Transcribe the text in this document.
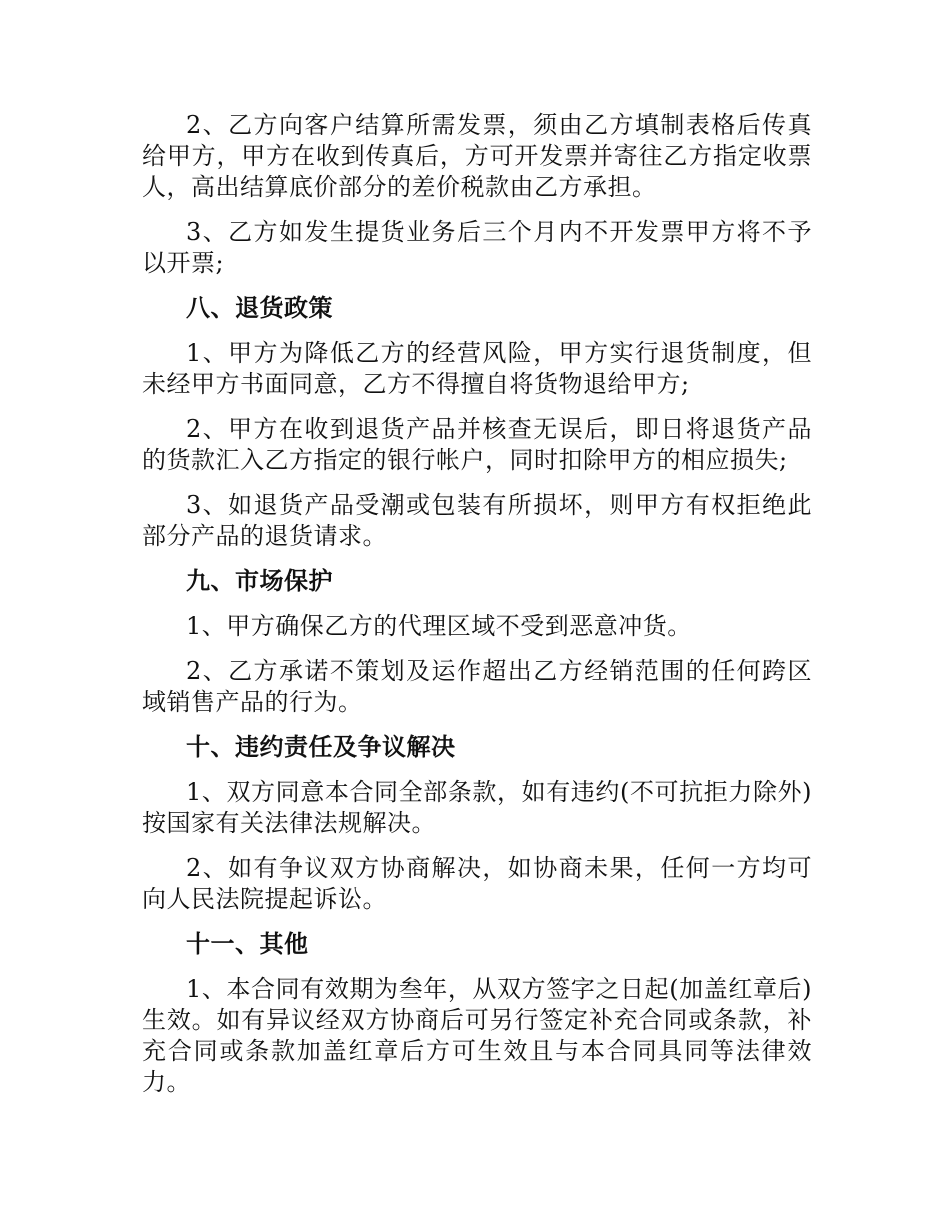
2、乙方向客户结算所需发票，须由乙方填制表格后传真给甲方，甲方在收到传真后，方可开发票并寄往乙方指定收票人，高出结算底价部分的差价税款由乙方承担。

3、乙方如发生提货业务后三个月内不开发票甲方将不予以开票;

八、退货政策

1、甲方为降低乙方的经营风险，甲方实行退货制度，但未经甲方书面同意，乙方不得擅自将货物退给甲方;

2、甲方在收到退货产品并核查无误后，即日将退货产品的货款汇入乙方指定的银行帐户，同时扣除甲方的相应损失;

3、如退货产品受潮或包装有所损坏，则甲方有权拒绝此部分产品的退货请求。

九、市场保护

1、甲方确保乙方的代理区域不受到恶意冲货。

2、乙方承诺不策划及运作超出乙方经销范围的任何跨区域销售产品的行为。

十、违约责任及争议解决

1、双方同意本合同全部条款，如有违约(不可抗拒力除外)按国家有关法律法规解决。

2、如有争议双方协商解决，如协商未果，任何一方均可向人民法院提起诉讼。

十一、其他

1、本合同有效期为叁年，从双方签字之日起(加盖红章后)生效。如有异议经双方协商后可另行签定补充合同或条款，补充合同或条款加盖红章后方可生效且与本合同具同等法律效力。
